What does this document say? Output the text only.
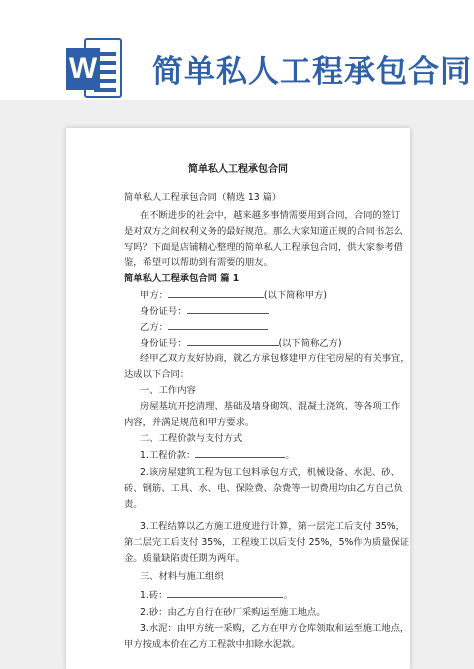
W 简单私人工程承包合同
简单私人工程承包合同
简单私人工程承包合同（精选 13 篇）
在不断进步的社会中，越来越多事情需要用到合同，合同的签订
是对双方之间权利义务的最好规范。那么大家知道正规的合同书怎么
写吗？下面是店铺精心整理的简单私人工程承包合同，供大家参考借
鉴，希望可以帮助到有需要的朋友。
简单私人工程承包合同 篇 1
甲方：	(以下简称甲方)
身份证号：
乙方：
身份证号：	(以下简称乙方)
经甲乙双方友好协商，就乙方承包修建甲方住宅房屋的有关事宜，
达成以下合同：
一、工作内容
房屋基坑开挖清理、基础及墙身砌筑、混凝土浇筑、等各项工作
内容，并满足规范和甲方要求。
二、工程价款与支付方式
1.工程价款：	。
2.该房屋建筑工程为包工包料承包方式，机械设备、水泥、砂、
砖、钢筋、工具、水、电、保险费、杂费等一切费用均由乙方自己负
责。
3.工程结算以乙方施工进度进行计算，第一层完工后支付 35%，
第二层完工后支付 35%，工程竣工以后支付 25%，5%作为质量保证
金。质量缺陷责任期为两年。
三、材料与施工组织
1.砖：	。
2.砂：由乙方自行在砂厂采购运至施工地点。
3.水泥：由甲方统一采购，乙方在甲方仓库领取和运至施工地点，
甲方按成本价在乙方工程款中扣除水泥款。
